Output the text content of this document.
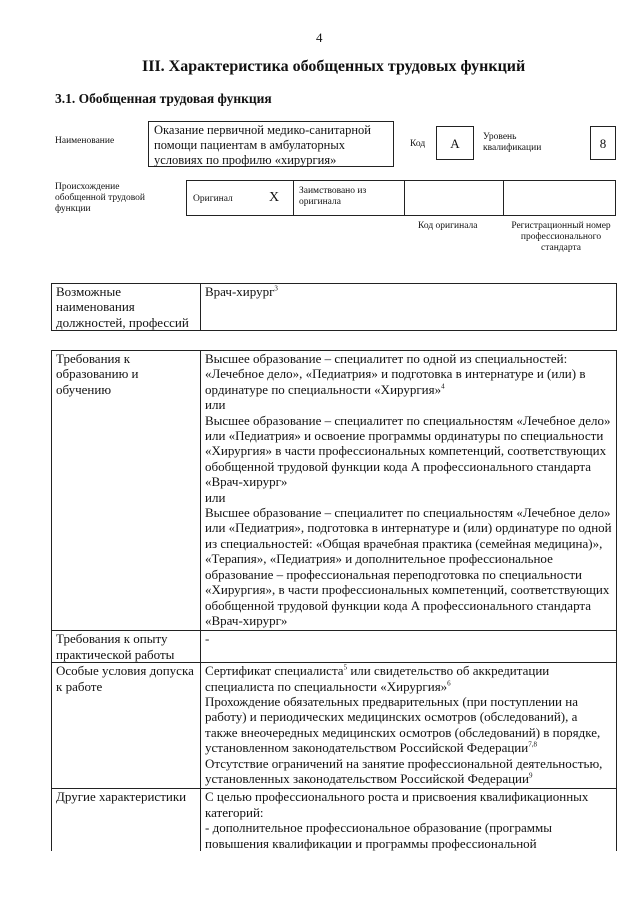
4
III. Характеристика обобщенных трудовых функций
3.1. Обобщенная трудовая функция
Наименование
Оказание первичной медико-санитарной помощи пациентам в амбулаторных условиях по профилю «хирургия»
Код	А	Уровень квалификации	8
Происхождение обобщенной трудовой функции
Оригинал	X Заимствовано из оригинала
Код оригинала	Регистрационный номер профессионального стандарта
Возможные наименования должностей, профессий	Врач-хирург$^3$
Требования к образованию и обучению	Высшее образование – специалитет по одной из специальностей: «Лечебное дело», «Педиатрия» и подготовка в интернатуре и (или) в ординатуре по специальности «Хирургия»$^4$
или
Высшее образование – специалитет по специальностям «Лечебное дело» или «Педиатрия» и освоение программы ординатуры по специальности «Хирургия» в части профессиональных компетенций, соответствующих обобщенной трудовой функции кода А профессионального стандарта «Врач-хирург»
или
Высшее образование – специалитет по специальностям «Лечебное дело» или «Педиатрия», подготовка в интернатуре и (или) ординатуре по одной из специальностей: «Общая врачебная практика (семейная медицина)», «Терапия», «Педиатрия» и дополнительное профессиональное образование – профессиональная переподготовка по специальности «Хирургия», в части профессиональных компетенций, соответствующих обобщенной трудовой функции кода А профессионального стандарта «Врач-хирург»

Требования к опыту практической работы	-
Особые условия допуска к работе	Сертификат специалиста$^5$ или свидетельство об аккредитации специалиста по специальности «Хирургия»$^6$
Прохождение обязательных предварительных (при поступлении на работу) и периодических медицинских осмотров (обследований), а также внеочередных медицинских осмотров (обследований) в порядке, установленном законодательством Российской Федерации$^{7,8}$
Отсутствие ограничений на занятие профессиональной деятельностью, установленных законодательством Российской Федерации$^9$

Другие характеристики	С целью профессионального роста и присвоения квалификационных категорий:
- дополнительное профессиональное образование (программы повышения квалификации и программы профессиональной
